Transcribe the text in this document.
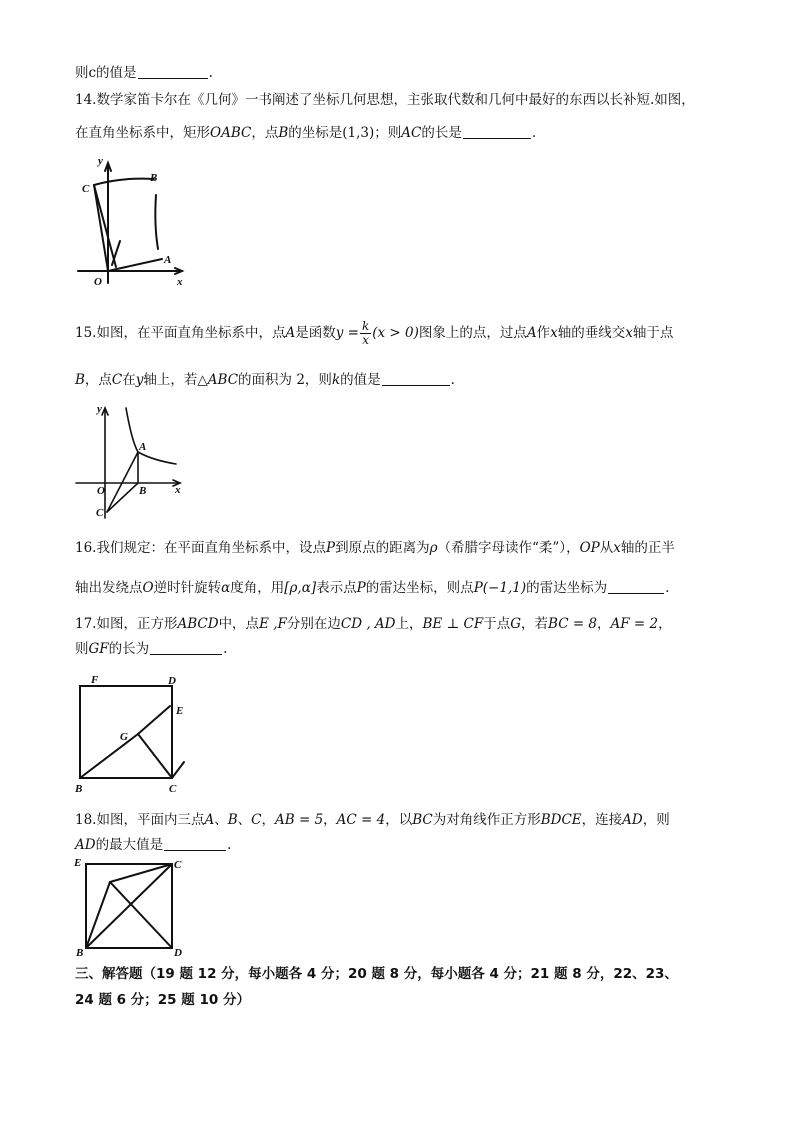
则c的值是	.
14.数学家笛卡尔在《几何》一书阐述了坐标几何思想，主张取代数和几何中最好的东西以长补短.如图，
在直角坐标系中，矩形OABC，点B的坐标是(1,3)；则AC的长是	.
y
x
O
C
B
A
15.如图，在平面直角坐标系中，点A是函数$y = \frac{k}{x} (x > 0)$图象上的点，过点A作x轴的垂线交x轴于点
B，点C在y轴上，若△ABC的面积为 2，则k的值是	.
y
x
O
A
B
C
16.我们规定：在平面直角坐标系中，设点P到原点的距离为ρ（希腊字母读作“柔”），OP从x轴的正半
轴出发绕点O逆时针旋转α度角，用[ρ,α]表示点P的雷达坐标，则点P(−1,1)的雷达坐标为	.
17.如图，正方形ABCD中，点E ,F分别在边CD , AD上，BE ⊥ CF于点G，若BC = 8，AF = 2，
则GF的长为	.
F	D
E
G
B	C
18.如图，平面内三点A、B、C，AB = 5，AC = 4，以BC为对角线作正方形BDCE，连接AD，则
AD的最大值是	.
E	C
B	D
三、解答题（19 题 12 分，每小题各 4 分；20 题 8 分，每小题各 4 分；21 题 8 分，22、23、
24 题 6 分；25 题 10 分）
